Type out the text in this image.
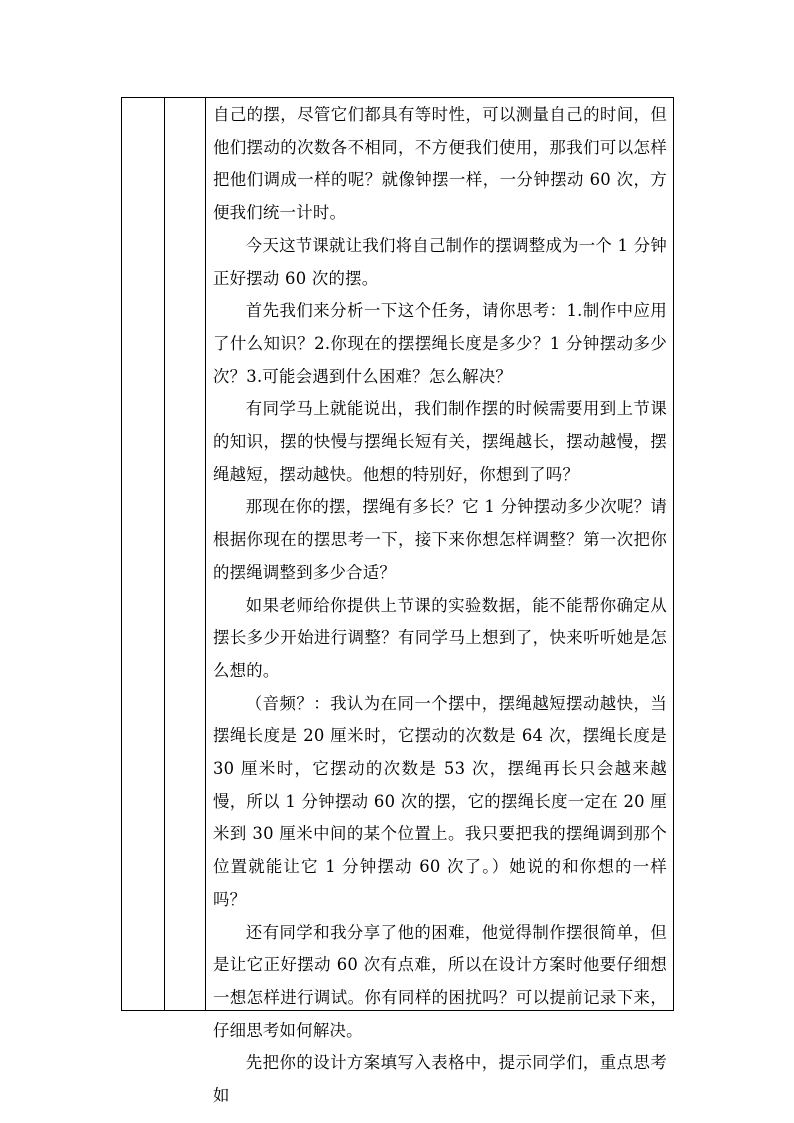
自己的摆，尽管它们都具有等时性，可以测量自己的时间，但他们摆动的次数各不相同，不方便我们使用，那我们可以怎样把他们调成一样的呢？就像钟摆一样，一分钟摆动 60 次，方便我们统一计时。

今天这节课就让我们将自己制作的摆调整成为一个 1 分钟正好摆动 60 次的摆。

首先我们来分析一下这个任务，请你思考：1.制作中应用了什么知识？2.你现在的摆摆绳长度是多少？1 分钟摆动多少次？3.可能会遇到什么困难？怎么解决？

有同学马上就能说出，我们制作摆的时候需要用到上节课的知识，摆的快慢与摆绳长短有关，摆绳越长，摆动越慢，摆绳越短，摆动越快。他想的特别好，你想到了吗？

那现在你的摆，摆绳有多长？它 1 分钟摆动多少次呢？请根据你现在的摆思考一下，接下来你想怎样调整？第一次把你的摆绳调整到多少合适？

如果老师给你提供上节课的实验数据，能不能帮你确定从摆长多少开始进行调整？有同学马上想到了，快来听听她是怎么想的。

（音频？：我认为在同一个摆中，摆绳越短摆动越快，当摆绳长度是 20 厘米时，它摆动的次数是 64 次，摆绳长度是 30 厘米时，它摆动的次数是 53 次，摆绳再长只会越来越慢，所以 1 分钟摆动 60 次的摆，它的摆绳长度一定在 20 厘米到 30 厘米中间的某个位置上。我只要把我的摆绳调到那个位置就能让它 1 分钟摆动 60 次了。）她说的和你想的一样吗？

还有同学和我分享了他的困难，他觉得制作摆很简单，但是让它正好摆动 60 次有点难，所以在设计方案时他要仔细想一想怎样进行调试。你有同样的困扰吗？可以提前记录下来，仔细思考如何解决。

先把你的设计方案填写入表格中，提示同学们，重点思考如
